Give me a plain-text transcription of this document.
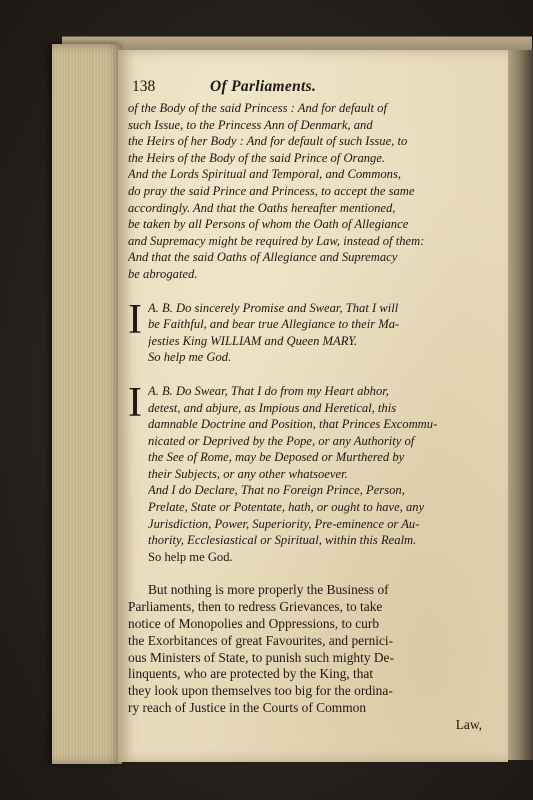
138	Of Parliaments.

of the Body of the said Princess : And for default of
such Issue, to the Princess Ann of Denmark, and
the Heirs of her Body : And for default of such Issue, to
the Heirs of the Body of the said Prince of Orange.
And the Lords Spiritual and Temporal, and Commons,
do pray the said Prince and Princess, to accept the same
accordingly. And that the Oaths hereafter mentioned,
be taken by all Persons of whom the Oath of Allegiance
and Supremacy might be required by Law, instead of them:
And that the said Oaths of Allegiance and Supremacy
be abrogated.

I A. B. Do sincerely Promise and Swear, That I will
be Faithful, and bear true Allegiance to their Ma-
jesties King WILLIAM and Queen MARY.
So help me God.
I A. B. Do Swear, That I do from my Heart abhor,
detest, and abjure, as Impious and Heretical, this
damnable Doctrine and Position, that Princes Excommu-
nicated or Deprived by the Pope, or any Authority of
the See of Rome, may be Deposed or Murthered by
their Subjects, or any other whatsoever.
And I do Declare, That no Foreign Prince, Person,
Prelate, State or Potentate, hath, or ought to have, any
Jurisdiction, Power, Superiority, Pre-eminence or Au-
thority, Ecclesiastical or Spiritual, within this Realm.
So help me God.

But nothing is more properly the Business of
Parliaments, then to redress Grievances, to take
notice of Monopolies and Oppressions, to curb
the Exorbitances of great Favourites, and pernici-
ous Ministers of State, to punish such mighty De-
linquents, who are protected by the King, that
they look upon themselves too big for the ordina-
ry reach of Justice in the Courts of Common
Law,
